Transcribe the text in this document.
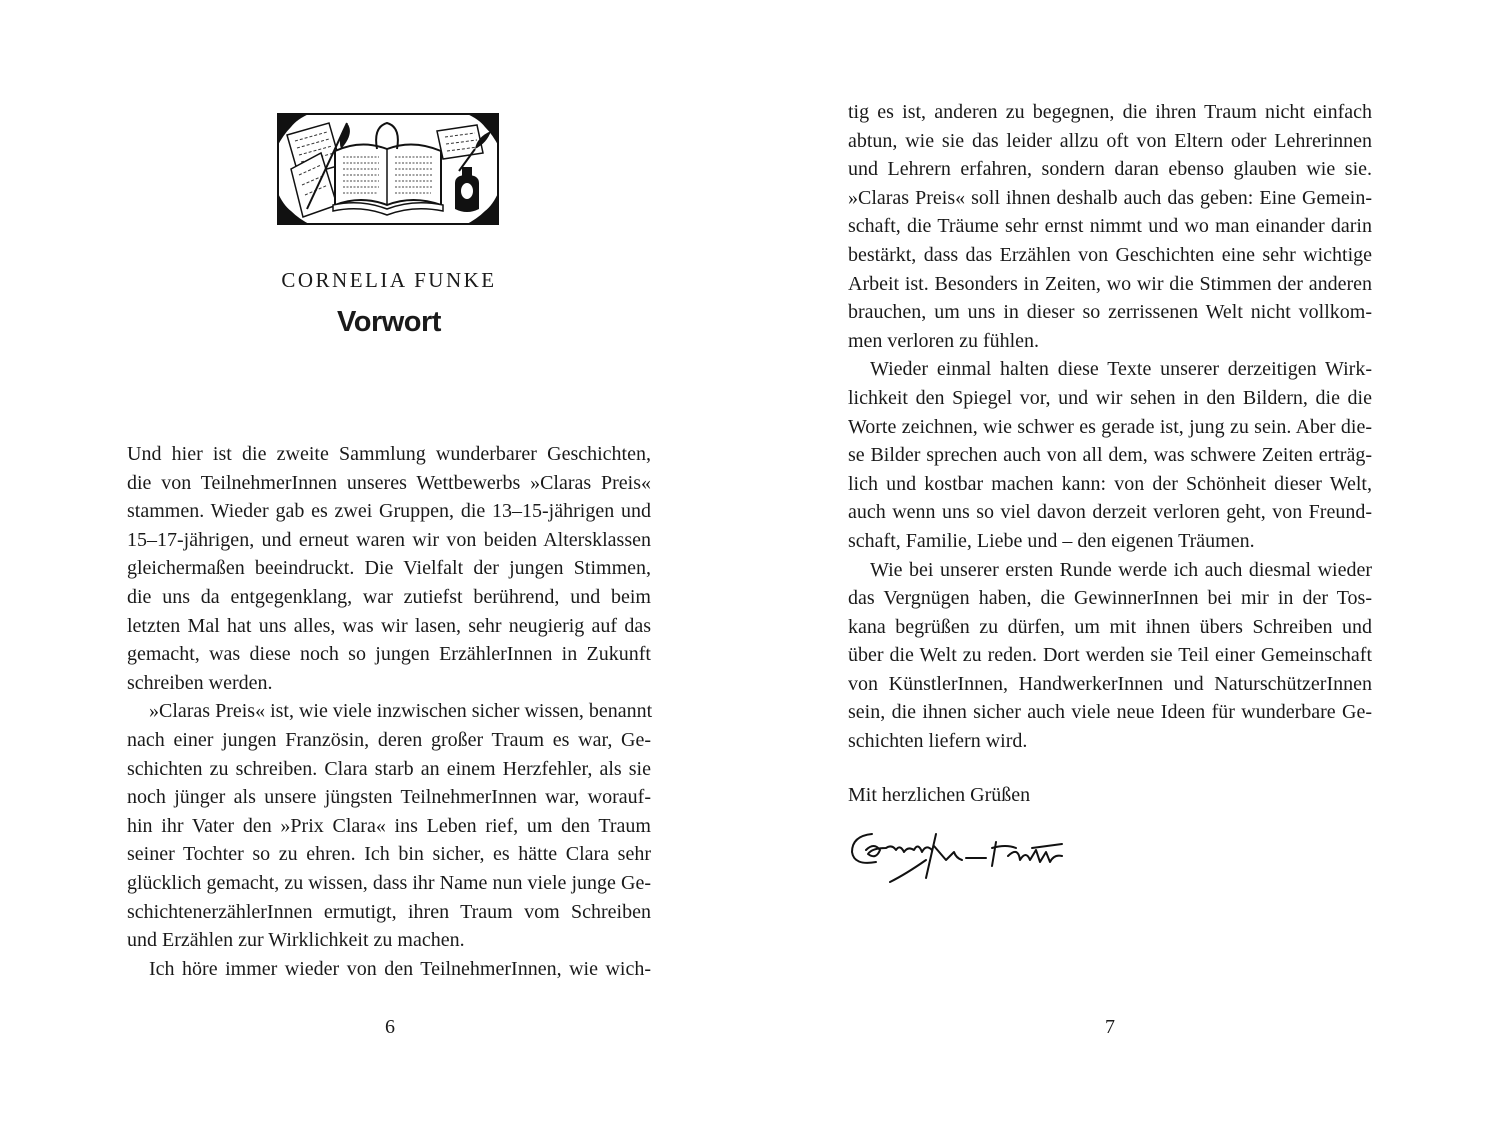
CORNELIA FUNKE
Vorwort
Und hier ist die zweite Sammlung wunderbarer Geschichten,
die von TeilnehmerInnen unseres Wettbewerbs »Claras Preis«
stammen. Wieder gab es zwei Gruppen, die 13–15-jährigen und
15–17-jährigen, und erneut waren wir von beiden Altersklassen
gleichermaßen beeindruckt. Die Vielfalt der jungen Stimmen,
die uns da entgegenklang, war zutiefst berührend, und beim
letzten Mal hat uns alles, was wir lasen, sehr neugierig auf das
gemacht, was diese noch so jungen ErzählerInnen in Zukunft
schreiben werden.
»Claras Preis« ist, wie viele inzwischen sicher wissen, benannt
nach einer jungen Französin, deren großer Traum es war, Ge-
schichten zu schreiben. Clara starb an einem Herzfehler, als sie
noch jünger als unsere jüngsten TeilnehmerInnen war, worauf-
hin ihr Vater den »Prix Clara« ins Leben rief, um den Traum
seiner Tochter so zu ehren. Ich bin sicher, es hätte Clara sehr
glücklich gemacht, zu wissen, dass ihr Name nun viele junge Ge-
schichtenerzählerInnen ermutigt, ihren Traum vom Schreiben
und Erzählen zur Wirklichkeit zu machen.
Ich höre immer wieder von den TeilnehmerInnen, wie wich-
6
tig es ist, anderen zu begegnen, die ihren Traum nicht einfach
abtun, wie sie das leider allzu oft von Eltern oder Lehrerinnen
und Lehrern erfahren, sondern daran ebenso glauben wie sie.
»Claras Preis« soll ihnen deshalb auch das geben: Eine Gemein-
schaft, die Träume sehr ernst nimmt und wo man einander darin
bestärkt, dass das Erzählen von Geschichten eine sehr wichtige
Arbeit ist. Besonders in Zeiten, wo wir die Stimmen der anderen
brauchen, um uns in dieser so zerrissenen Welt nicht vollkom-
men verloren zu fühlen.
Wieder einmal halten diese Texte unserer derzeitigen Wirk-
lichkeit den Spiegel vor, und wir sehen in den Bildern, die die
Worte zeichnen, wie schwer es gerade ist, jung zu sein. Aber die-
se Bilder sprechen auch von all dem, was schwere Zeiten erträg-
lich und kostbar machen kann: von der Schönheit dieser Welt,
auch wenn uns so viel davon derzeit verloren geht, von Freund-
schaft, Familie, Liebe und – den eigenen Träumen.
Wie bei unserer ersten Runde werde ich auch diesmal wieder
das Vergnügen haben, die GewinnerInnen bei mir in der Tos-
kana begrüßen zu dürfen, um mit ihnen übers Schreiben und
über die Welt zu reden. Dort werden sie Teil einer Gemeinschaft
von KünstlerInnen, HandwerkerInnen und NaturschützerInnen
sein, die ihnen sicher auch viele neue Ideen für wunderbare Ge-
schichten liefern wird.
Mit herzlichen Grüßen
7
